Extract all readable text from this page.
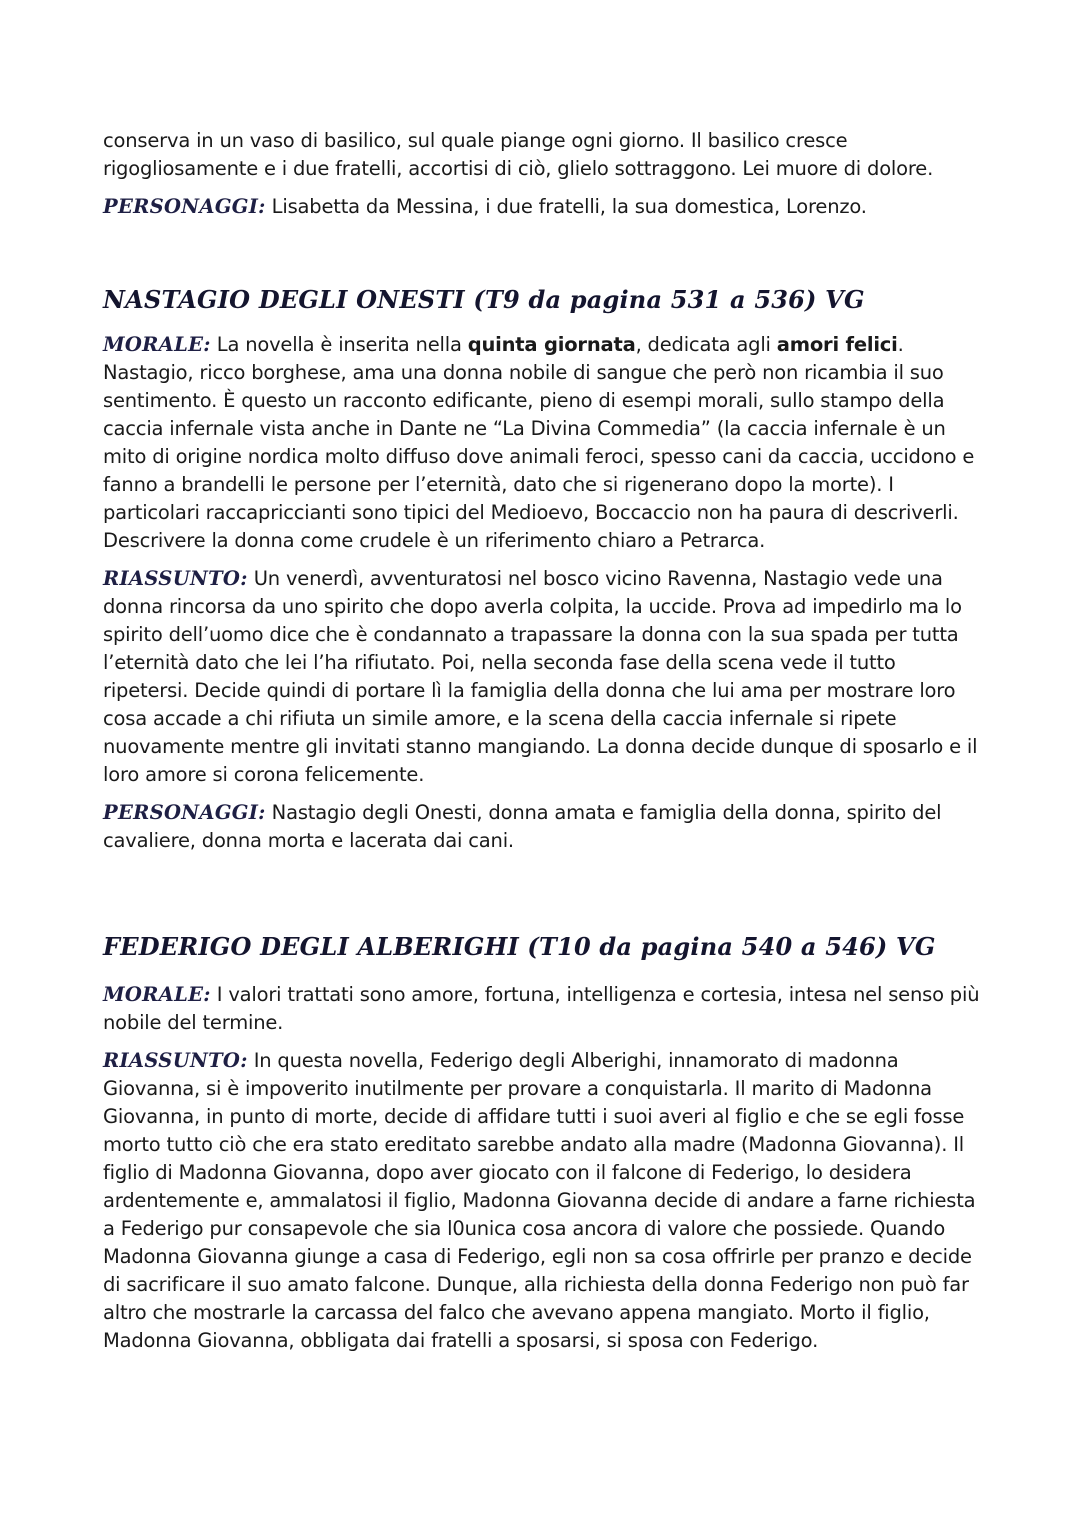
conserva in un vaso di basilico, sul quale piange ogni giorno. Il basilico cresce rigogliosamente e i due fratelli, accortisi di ciò, glielo sottraggono. Lei muore di dolore.

PERSONAGGI: Lisabetta da Messina, i due fratelli, la sua domestica, Lorenzo.

NASTAGIO DEGLI ONESTI (T9 da pagina 531 a 536) VG

MORALE: La novella è inserita nella quinta giornata, dedicata agli amori felici. Nastagio, ricco borghese, ama una donna nobile di sangue che però non ricambia il suo sentimento. È questo un racconto edificante, pieno di esempi morali, sullo stampo della caccia infernale vista anche in Dante ne “La Divina Commedia” (la caccia infernale è un mito di origine nordica molto diffuso dove animali feroci, spesso cani da caccia, uccidono e fanno a brandelli le persone per l’eternità, dato che si rigenerano dopo la morte). I particolari raccapriccianti sono tipici del Medioevo, Boccaccio non ha paura di descriverli. Descrivere la donna come crudele è un riferimento chiaro a Petrarca.

RIASSUNTO: Un venerdì, avventuratosi nel bosco vicino Ravenna, Nastagio vede una donna rincorsa da uno spirito che dopo averla colpita, la uccide. Prova ad impedirlo ma lo spirito dell’uomo dice che è condannato a trapassare la donna con la sua spada per tutta l’eternità dato che lei l’ha rifiutato. Poi, nella seconda fase della scena vede il tutto ripetersi. Decide quindi di portare lì la famiglia della donna che lui ama per mostrare loro cosa accade a chi rifiuta un simile amore, e la scena della caccia infernale si ripete nuovamente mentre gli invitati stanno mangiando. La donna decide dunque di sposarlo e il loro amore si corona felicemente.

PERSONAGGI: Nastagio degli Onesti, donna amata e famiglia della donna, spirito del cavaliere, donna morta e lacerata dai cani.

FEDERIGO DEGLI ALBERIGHI (T10 da pagina 540 a 546) VG

MORALE: I valori trattati sono amore, fortuna, intelligenza e cortesia, intesa nel senso più nobile del termine.

RIASSUNTO: In questa novella, Federigo degli Alberighi, innamorato di madonna Giovanna, si è impoverito inutilmente per provare a conquistarla. Il marito di Madonna Giovanna, in punto di morte, decide di affidare tutti i suoi averi al figlio e che se egli fosse morto tutto ciò che era stato ereditato sarebbe andato alla madre (Madonna Giovanna). Il figlio di Madonna Giovanna, dopo aver giocato con il falcone di Federigo, lo desidera ardentemente e, ammalatosi il figlio, Madonna Giovanna decide di andare a farne richiesta a Federigo pur consapevole che sia l0unica cosa ancora di valore che possiede. Quando Madonna Giovanna giunge a casa di Federigo, egli non sa cosa offrirle per pranzo e decide di sacrificare il suo amato falcone. Dunque, alla richiesta della donna Federigo non può far altro che mostrarle la carcassa del falco che avevano appena mangiato. Morto il figlio, Madonna Giovanna, obbligata dai fratelli a sposarsi, si sposa con Federigo.
